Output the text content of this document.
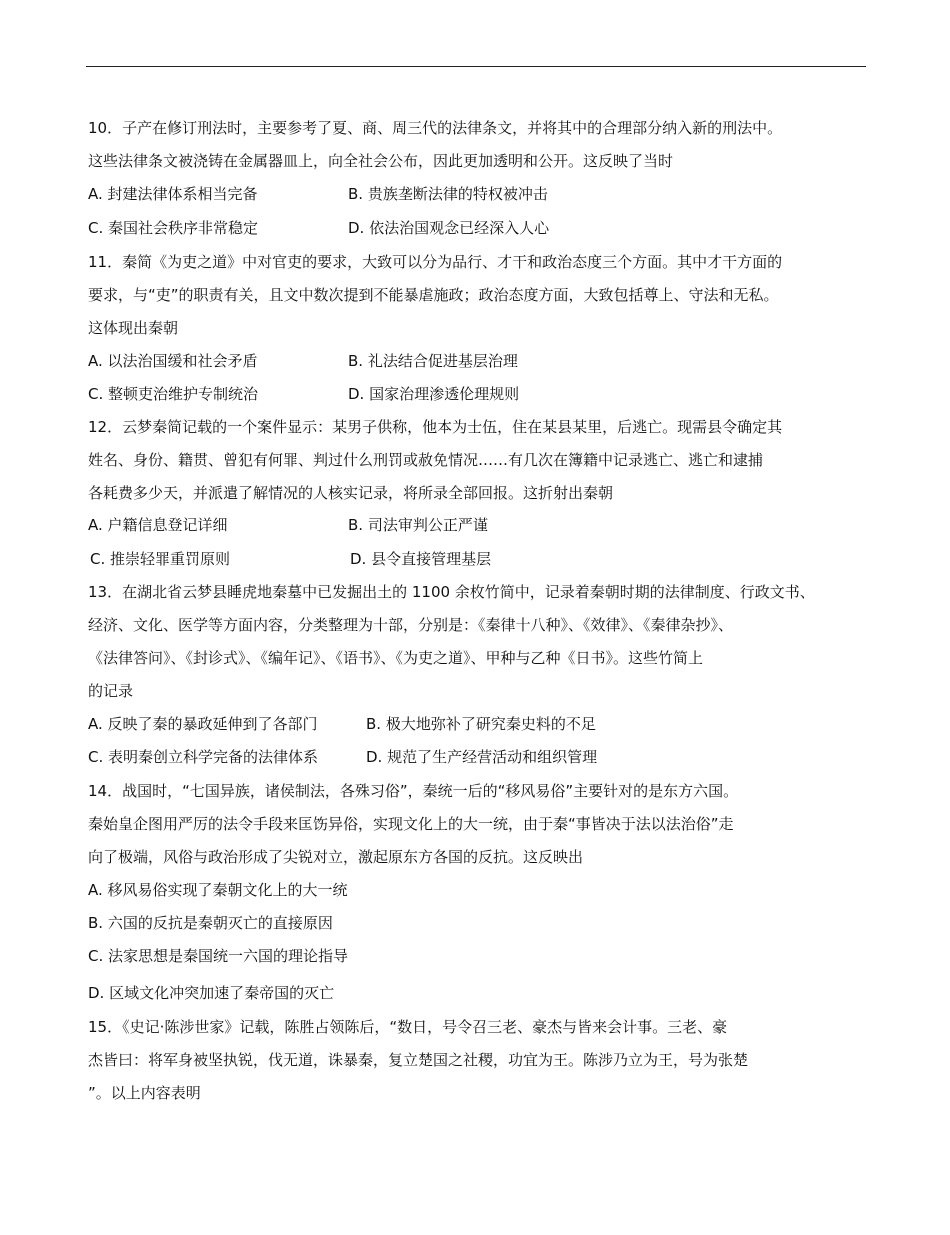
10．子产在修订刑法时，主要参考了夏、商、周三代的法律条文，并将其中的合理部分纳入新的刑法中。
这些法律条文被浇铸在金属器皿上，向全社会公布，因此更加透明和公开。这反映了当时
A. 封建法律体系相当完备	B. 贵族垄断法律的特权被冲击
C. 秦国社会秩序非常稳定	D. 依法治国观念已经深入人心
11．秦简《为吏之道》中对官吏的要求，大致可以分为品行、才干和政治态度三个方面。其中才干方面的
要求，与“吏”的职责有关，且文中数次提到不能暴虐施政；政治态度方面，大致包括尊上、守法和无私。
这体现出秦朝
A. 以法治国缓和社会矛盾	B. 礼法结合促进基层治理
C. 整顿吏治维护专制统治	D. 国家治理渗透伦理规则
12．云梦秦简记载的一个案件显示：某男子供称，他本为士伍，住在某县某里，后逃亡。现需县令确定其
姓名、身份、籍贯、曾犯有何罪、判过什么刑罚或赦免情况……有几次在簿籍中记录逃亡、逃亡和逮捕
各耗费多少天，并派遣了解情况的人核实记录，将所录全部回报。这折射出秦朝
A. 户籍信息登记详细	B. 司法审判公正严谨
C. 推崇轻罪重罚原则	D. 县令直接管理基层
13．在湖北省云梦县睡虎地秦墓中已发掘出土的 1100 余枚竹简中，记录着秦朝时期的法律制度、行政文书、
经济、文化、医学等方面内容，分类整理为十部，分别是：《秦律十八种》、《效律》、《秦律杂抄》、
《法律答问》、《封诊式》、《编年记》、《语书》、《为吏之道》、甲种与乙种《日书》。这些竹简上
的记录
A. 反映了秦的暴政延伸到了各部门	B. 极大地弥补了研究秦史料的不足
C. 表明秦创立科学完备的法律体系	D. 规范了生产经营活动和组织管理
14．战国时，“七国异族，诸侯制法，各殊习俗”，秦统一后的“移风易俗”主要针对的是东方六国。
秦始皇企图用严厉的法令手段来匡饬异俗，实现文化上的大一统，由于秦“事皆决于法以法治俗”走
向了极端，风俗与政治形成了尖锐对立，激起原东方各国的反抗。这反映出
A. 移风易俗实现了秦朝文化上的大一统
B. 六国的反抗是秦朝灭亡的直接原因
C. 法家思想是秦国统一六国的理论指导
D. 区域文化冲突加速了秦帝国的灭亡
15．《史记·陈涉世家》记载，陈胜占领陈后，“数日，号令召三老、豪杰与皆来会计事。三老、豪
杰皆曰：将军身被坚执锐，伐无道，诛暴秦，复立楚国之社稷，功宜为王。陈涉乃立为王，号为张楚
”。以上内容表明
